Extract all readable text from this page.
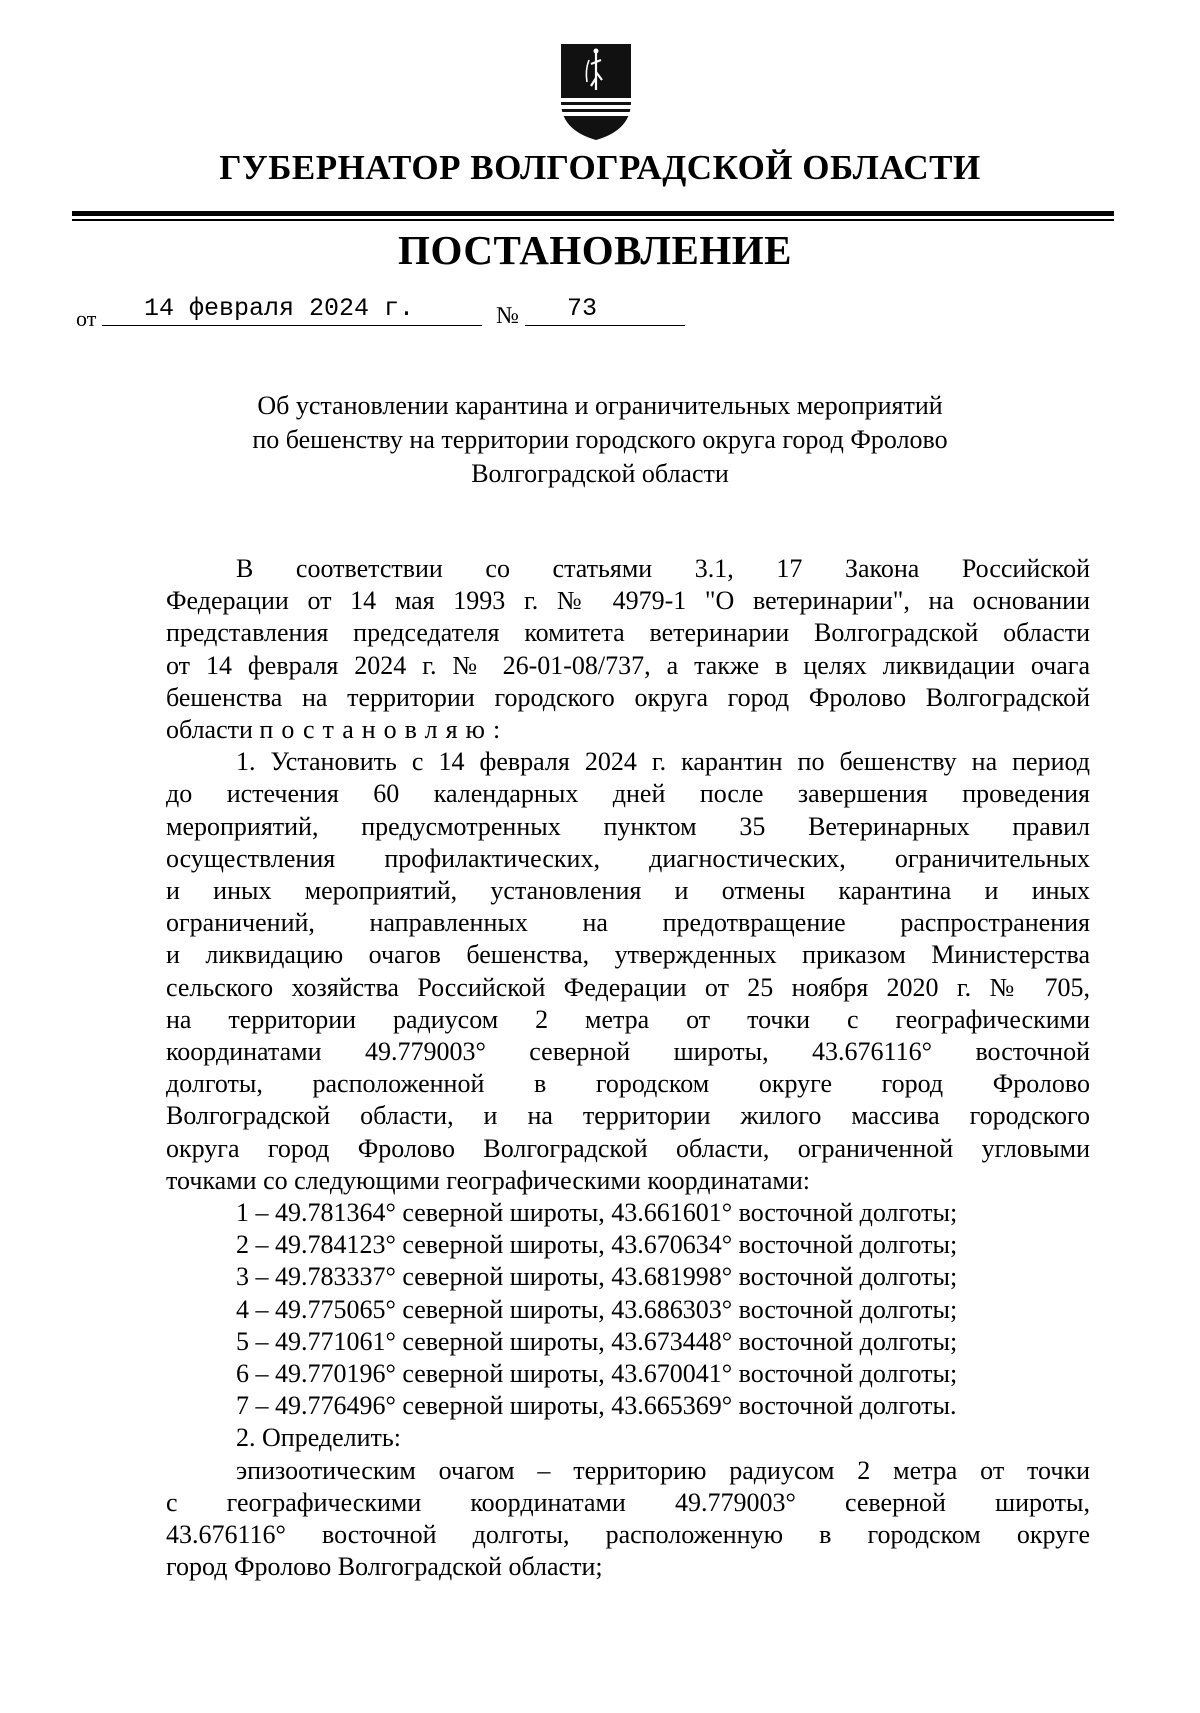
ГУБЕРНАТОР ВОЛГОГРАДСКОЙ ОБЛАСТИ
ПОСТАНОВЛЕНИЕ
от	14 февраля 2024 г.	№	73
Об установлении карантина и ограничительных мероприятий
по бешенству на территории городского округа город Фролово
Волгоградской области

В соответствии со статьями 3.1, 17 Закона Российской

Федерации от 14 мая 1993 г. № 4979-1 "О ветеринарии", на основании

представления председателя комитета ветеринарии Волгоградской области

от 14 февраля 2024 г. № 26-01-08/737, а также в целях ликвидации очага

бешенства на территории городского округа город Фролово Волгоградской

области постановляю:

1. Установить с 14 февраля 2024 г. карантин по бешенству на период

до истечения 60 календарных дней после завершения проведения

мероприятий, предусмотренных пунктом 35 Ветеринарных правил

осуществления профилактических, диагностических, ограничительных

и иных мероприятий, установления и отмены карантина и иных

ограничений, направленных на предотвращение распространения

и ликвидацию очагов бешенства, утвержденных приказом Министерства

сельского хозяйства Российской Федерации от 25 ноября 2020 г. № 705,

на территории радиусом 2 метра от точки с географическими

координатами 49.779003° северной широты, 43.676116° восточной

долготы, расположенной в городском округе город Фролово

Волгоградской области, и на территории жилого массива городского

округа город Фролово Волгоградской области, ограниченной угловыми

точками со следующими географическими координатами:

1 – 49.781364° северной широты, 43.661601° восточной долготы;

2 – 49.784123° северной широты, 43.670634° восточной долготы;

3 – 49.783337° северной широты, 43.681998° восточной долготы;

4 – 49.775065° северной широты, 43.686303° восточной долготы;

5 – 49.771061° северной широты, 43.673448° восточной долготы;

6 – 49.770196° северной широты, 43.670041° восточной долготы;

7 – 49.776496° северной широты, 43.665369° восточной долготы.

2. Определить:

эпизоотическим очагом – территорию радиусом 2 метра от точки

с географическими координатами 49.779003° северной широты,

43.676116° восточной долготы, расположенную в городском округе

город Фролово Волгоградской области;
